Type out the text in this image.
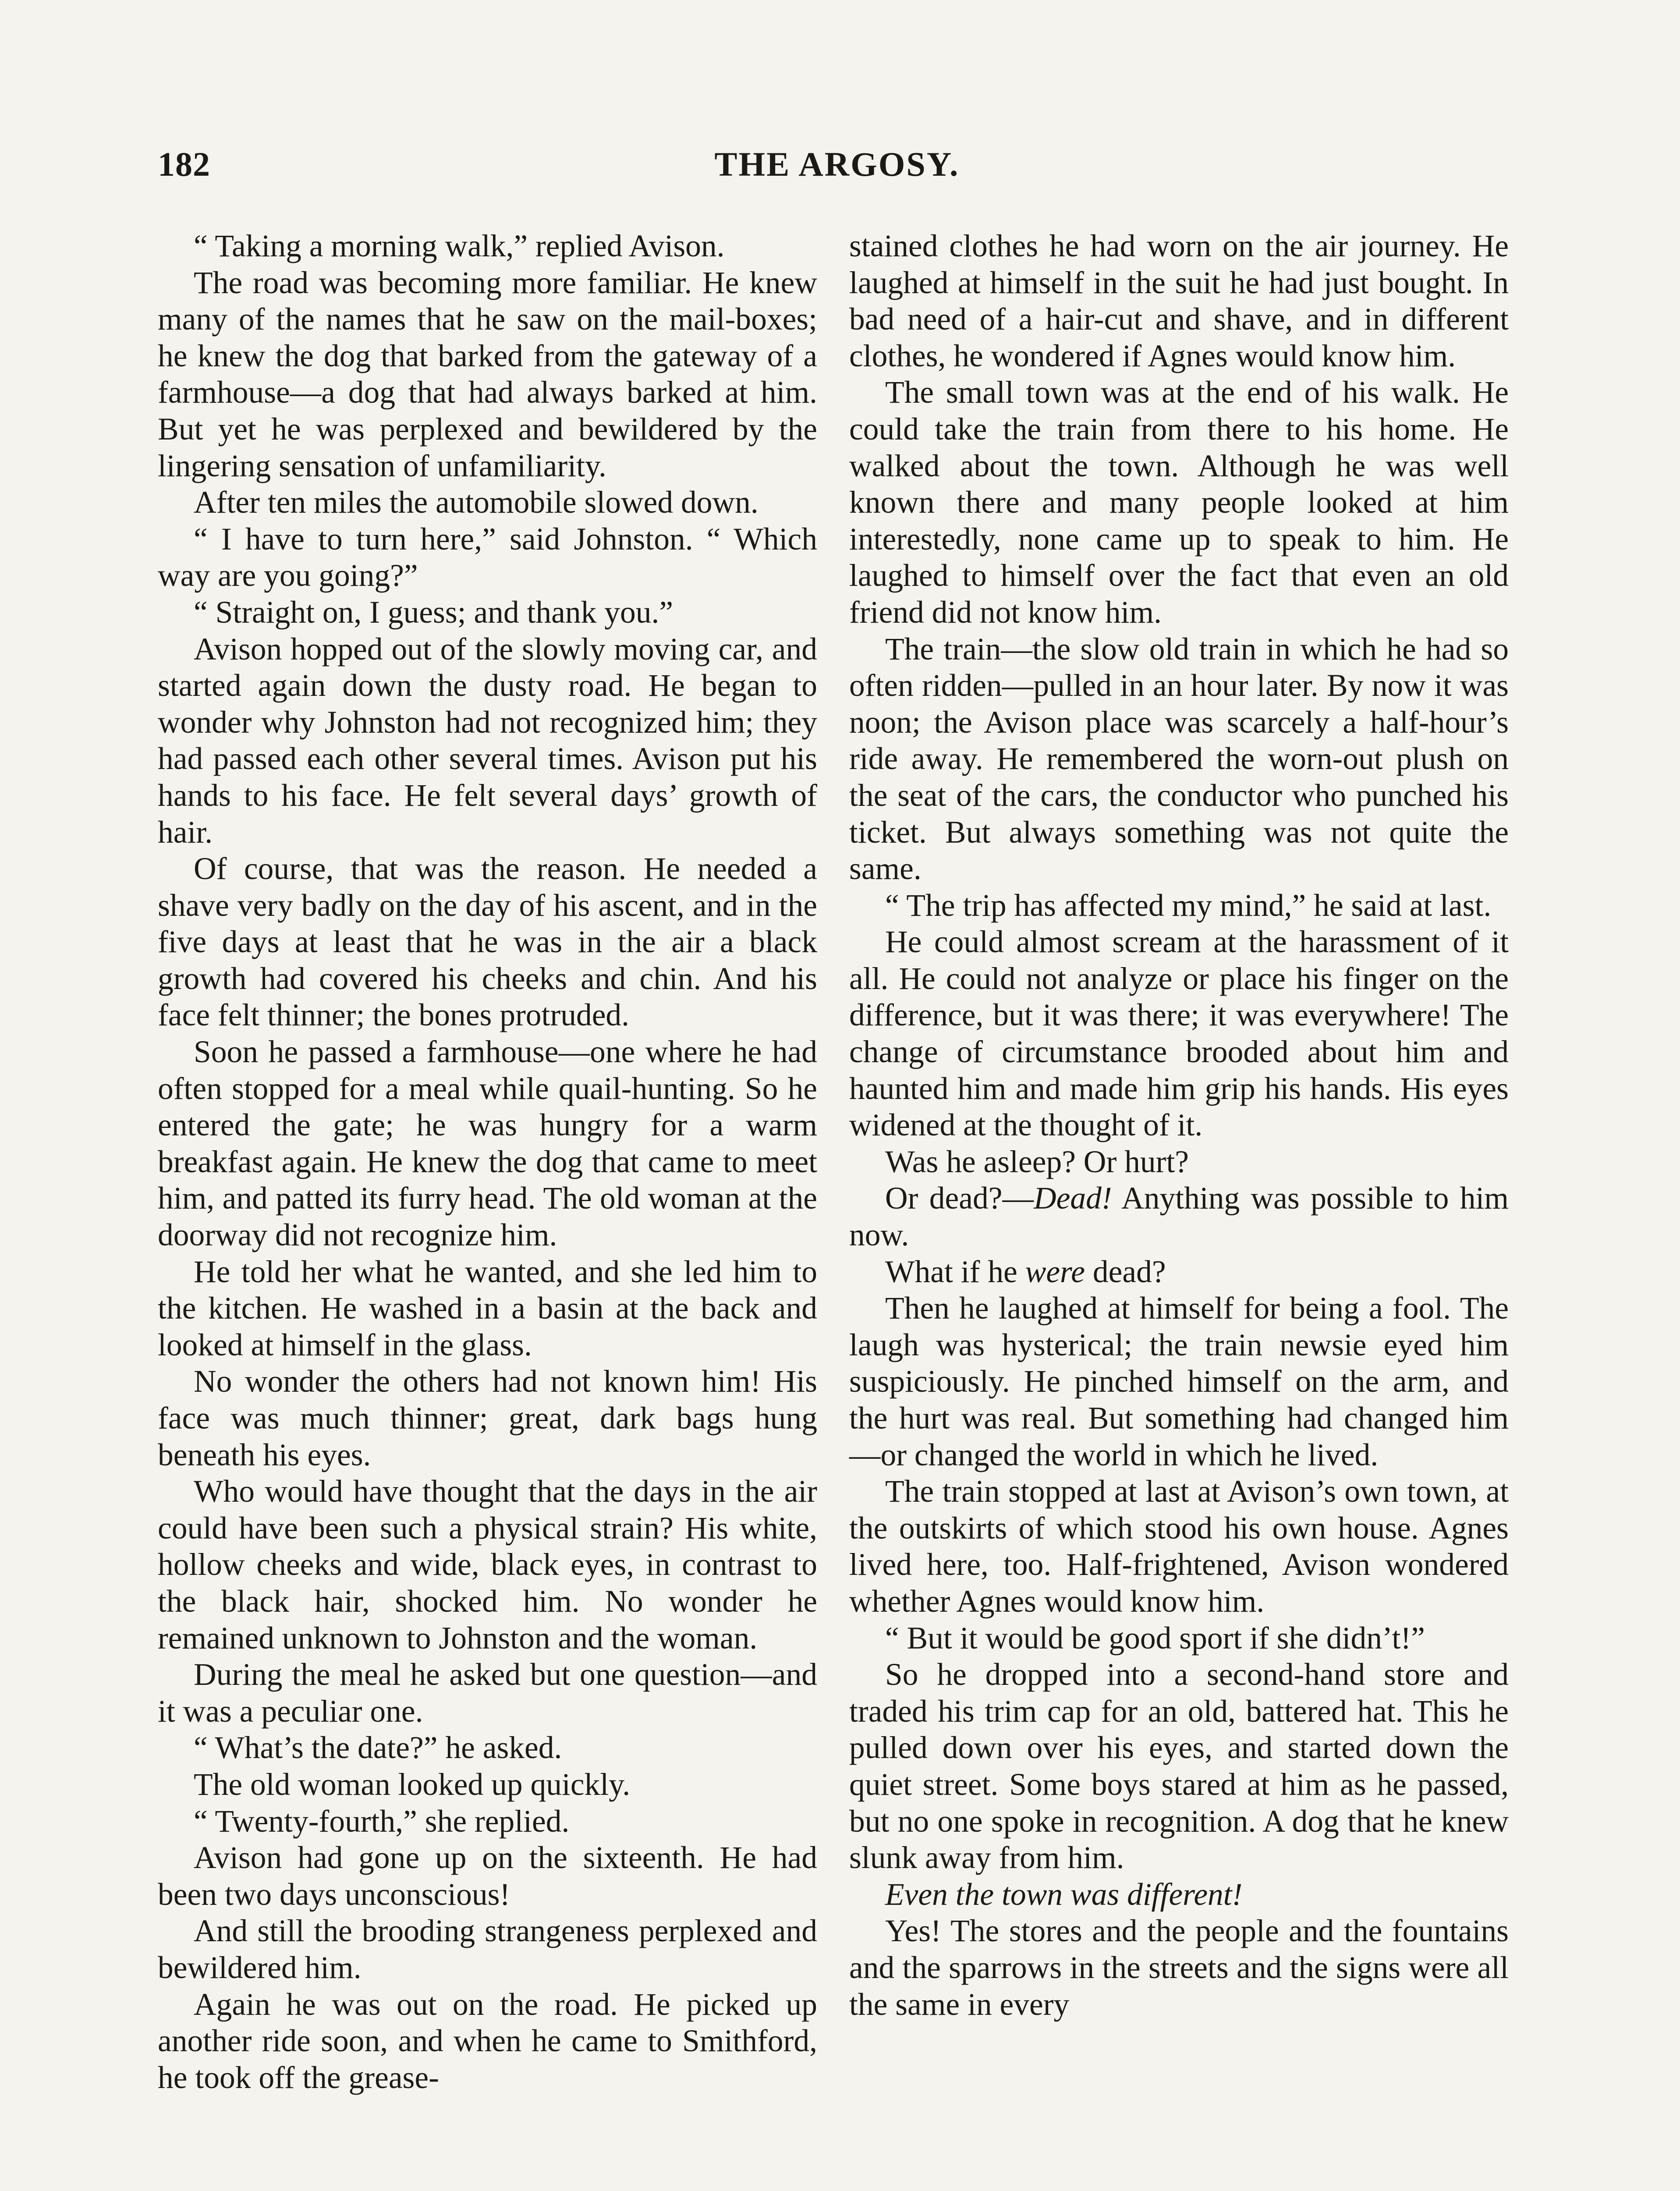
182	THE ARGOSY.

“ Taking a morning walk,” replied Avison.

The road was becoming more familiar. He knew many of the names that he saw on the mail-boxes; he knew the dog that barked from the gateway of a farmhouse—a dog that had always barked at him. But yet he was perplexed and bewildered by the lingering sensation of unfamiliarity.

After ten miles the automobile slowed down.

“ I have to turn here,” said Johnston. “ Which way are you going?”

“ Straight on, I guess; and thank you.”

Avison hopped out of the slowly moving car, and started again down the dusty road. He began to wonder why Johnston had not recognized him; they had passed each other several times. Avison put his hands to his face. He felt several days’ growth of hair.

Of course, that was the reason. He needed a shave very badly on the day of his ascent, and in the five days at least that he was in the air a black growth had covered his cheeks and chin. And his face felt thinner; the bones protruded.

Soon he passed a farmhouse—one where he had often stopped for a meal while quail-hunting. So he entered the gate; he was hungry for a warm breakfast again. He knew the dog that came to meet him, and patted its furry head. The old woman at the doorway did not recognize him.

He told her what he wanted, and she led him to the kitchen. He washed in a basin at the back and looked at himself in the glass.

No wonder the others had not known him! His face was much thinner; great, dark bags hung beneath his eyes.

Who would have thought that the days in the air could have been such a physical strain? His white, hollow cheeks and wide, black eyes, in contrast to the black hair, shocked him. No wonder he remained unknown to Johnston and the woman.

During the meal he asked but one question—and it was a peculiar one.

“ What’s the date?” he asked.

The old woman looked up quickly.

“ Twenty-fourth,” she replied.

Avison had gone up on the sixteenth. He had been two days unconscious!

And still the brooding strangeness perplexed and bewildered him.

Again he was out on the road. He picked up another ride soon, and when he came to Smithford, he took off the grease-

stained clothes he had worn on the air journey. He laughed at himself in the suit he had just bought. In bad need of a hair-cut and shave, and in different clothes, he wondered if Agnes would know him.

The small town was at the end of his walk. He could take the train from there to his home. He walked about the town. Although he was well known there and many people looked at him interestedly, none came up to speak to him. He laughed to himself over the fact that even an old friend did not know him.

The train—the slow old train in which he had so often ridden—pulled in an hour later. By now it was noon; the Avison place was scarcely a half-hour’s ride away. He remembered the worn-out plush on the seat of the cars, the conductor who punched his ticket. But always something was not quite the same.

“ The trip has affected my mind,” he said at last.

He could almost scream at the harassment of it all. He could not analyze or place his finger on the difference, but it was there; it was everywhere! The change of circumstance brooded about him and haunted him and made him grip his hands. His eyes widened at the thought of it.

Was he asleep? Or hurt?

Or dead?—Dead! Anything was possible to him now.

What if he were dead?

Then he laughed at himself for being a fool. The laugh was hysterical; the train newsie eyed him suspiciously. He pinched himself on the arm, and the hurt was real. But something had changed him—or changed the world in which he lived.

The train stopped at last at Avison’s own town, at the outskirts of which stood his own house. Agnes lived here, too. Half-frightened, Avison wondered whether Agnes would know him.

“ But it would be good sport if she didn’t!”

So he dropped into a second-hand store and traded his trim cap for an old, battered hat. This he pulled down over his eyes, and started down the quiet street. Some boys stared at him as he passed, but no one spoke in recognition. A dog that he knew slunk away from him.

Even the town was different!

Yes! The stores and the people and the fountains and the sparrows in the streets and the signs were all the same in every
